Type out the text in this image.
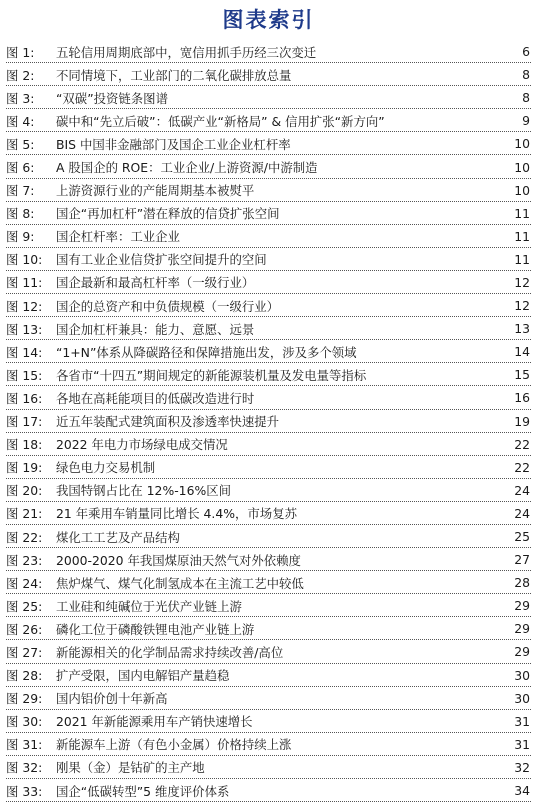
图表索引
图 1:	五轮信用周期底部中，宽信用抓手历经三次变迁	6
图 2:	不同情境下，工业部门的二氧化碳排放总量	8
图 3:	“双碳”投资链条图谱	8
图 4:	碳中和“先立后破”：低碳产业“新格局” & 信用扩张“新方向”	9
图 5:	BIS 中国非金融部门及国企工业企业杠杆率	10
图 6:	A 股国企的 ROE：工业企业/上游资源/中游制造	10
图 7:	上游资源行业的产能周期基本被熨平	10
图 8:	国企“再加杠杆”潜在释放的信贷扩张空间	11
图 9:	国企杠杆率：工业企业	11
图 10:	国有工业企业信贷扩张空间提升的空间	11
图 11:	国企最新和最高杠杆率（一级行业）	12
图 12:	国企的总资产和中负债规模（一级行业）	12
图 13:	国企加杠杆兼具：能力、意愿、远景	13
图 14:	“1+N”体系从降碳路径和保障措施出发，涉及多个领域	14
图 15:	各省市“十四五”期间规定的新能源装机量及发电量等指标	15
图 16:	各地在高耗能项目的低碳改造进行时	16
图 17:	近五年装配式建筑面积及渗透率快速提升	19
图 18:	2022 年电力市场绿电成交情况	22
图 19:	绿色电力交易机制	22
图 20:	我国特钢占比在 12%-16%区间	24
图 21:	21 年乘用车销量同比增长 4.4%，市场复苏	24
图 22:	煤化工工艺及产品结构	25
图 23:	2000-2020 年我国煤原油天然气对外依赖度	27
图 24:	焦炉煤气、煤气化制氢成本在主流工艺中较低	28
图 25:	工业硅和纯碱位于光伏产业链上游	29
图 26:	磷化工位于磷酸铁锂电池产业链上游	29
图 27:	新能源相关的化学制品需求持续改善/高位	29
图 28:	扩产受限，国内电解铝产量趋稳	30
图 29:	国内铝价创十年新高	30
图 30:	2021 年新能源乘用车产销快速增长	31
图 31:	新能源车上游（有色小金属）价格持续上涨	31
图 32:	刚果（金）是钴矿的主产地	32
图 33:	国企“低碳转型”5 维度评价体系	34
